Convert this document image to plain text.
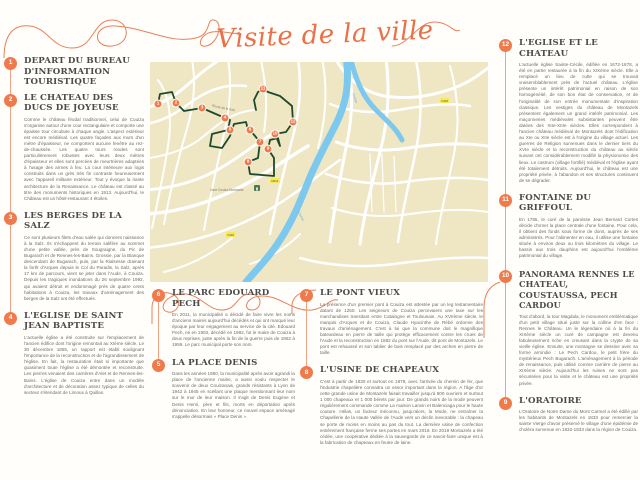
Visite de la ville
Gare Couiza-Montazels
Route de la Salz
Couiza
Couiza
D613
D118
D118
▮
1	2
3
4
5	6
7
8
9
10
11
12
1	DEPART DU BUREAU D'INFORMATION TOURISTIQUE
2	LE CHATEAU DES DUCS DE JOYEUSE

Comme le château féodal traditionnel, celui de Couiza s'organise autour d'une cour rectangulaire et comporte une épaisse tour circulaire à chaque angle. L'aspect extérieur est encore médiéval. Les quatre façades aux murs d'un mètre d'épaisseur, ne comportent aucune fenêtre au rez-de-chaussée. Les quatre tours rondes sont particulièrement robustes avec leurs deux mètres d'épaisseur et elles sont percées de meurtrières adaptées à l'usage des armes à feu. La cour intérieure aux logis construits dans un grès très fin contraste heureusement avec l'appareil militaire extérieur. Tout y évoque la riante architecture de la Renaissance. Le château est classé au titre des monuments historiques en 1913. Aujourd'hui, le Château est un hôtel-restaurant 4 étoiles.

3	LES BERGES DE LA SALZ

Ce sont plusieurs filets d'eau salée qui donnent naissance à la Salz. Ils s'échappent du terrain salifère au sommet d'une petite vallée, près de Sougraigne, du Pic de Bugarach et de Rennes-les-Bains. Grossie, par la Blanque descendant de Bugarach, puis, par la Rialsesse drainant la forêt d'Arques depuis le Col du Paradis, la Salz, après 17 km de parcours, vient se jeter dans l'Aude, à Couiza. Depuis les tragiques inondations du 26 septembre 1992, qui avaient détruit et endommagé près de quatre cents habitations à Couiza, les travaux d'aménagement des berges de la Salz ont été effectués.

4	L'EGLISE DE SAINT JEAN BAPTISTE

L'actuelle église a été construite sur l'emplacement de l'ancien édifice dont l'origine remontait au XIème siècle. Le 30 décembre 1855, un rapport est établi soulignant l'importance de la reconstruction et de l'agrandissement de l'église. En fait, la restauration était si importante que quasiment toute l'église a été démontée et reconstruite. Les pierres venaient des carrières d'Alet et de Rennes-les-Bains. L'église de Couiza entre dans un modèle d'architecture et de décoration assez typique de celles du secteur s'étendant de Limoux à Quillan.

6	LE PARC EDOUARD PECH

En 2011, la municipalité a décidé de faire vivre les noms d'anciens maires aujourd'hui décédés et qui ont marqué leur époque par leur engagement au service de la cité. Edouard Pech, né en 1903, décédé en 1992, fut le maire de Couiza à deux reprises, juste après la fin de la guerre puis de 1952 à 1959. Le parc municipal porte son nom.

5	LA PLACE DENIS

Dans les années 1960, la municipalité après avoir agrandi la place de l'ancienne mairie, a aussi voulu respecter le souvenir de deux Couizanais, grands résistants à Lyon de 1942 à 1945 en scellant une plaque mentionnant leur nom sur le mur de leur maison. Il s'agit de Denis Eugène et Denis Henri, père et fils, morts en déportation après dénonciation. En leur honneur, ce nouvel espace aménagé s'appelle désormais « Place Denis ».

7	LE PONT VIEUX

La présence d'un premier pont à Couiza est attestée par un leg testamentaire datant de 1250. Les seigneurs de Couiza percevaient une taxe sur les marchandises transitant entre Catalogne et Toulousain. Au XVIIème siècle, le marquis d'Arques et de Couiza, Claude Hyacinthe de Rébé ordonne des travaux d'aménagement. C'est à lui que la commune doit le magnifique bateardeau en pierre de taille qui protège efficacement contre les crues de l'Aude et la reconstruction en 1882 du pont sur l'Aude, dit pont de Montazels. Le pont est rehaussé et son tablier de bois remplacé par des arches en pierre de taille.

8	L'USINE DE CHAPEAUX

C'est à partir de 1830 et surtout en 1878, avec l'arrivée du chemin de fer, que l'industrie chapelière connaitra un essor important dans la région. A l'âge d'or cette grande usine de Montazels faisait travailler jusqu'à 600 ouvriers et surtout 1 000 chapeaux et 1 000 bérets par jour. De grands noirs de la mode peuvent régulièrement commande comme La maison Lanvin et Balenciaga pour le haute couture. Hélas, un facteur méconnu, jusqu'alors, la Mode, ne entraîner la Chapellerie de la Haute Vallée de l'Aude vers un déclin inexorable : la chapeau se porte de moins en moins au pas du tout. La dernière usine de confection entièrement française ferme ses portes en mars 2018. En 2019 Montazels a été cédée, une coopérative dédiée à la sauvegarde de ce savoir-faire unique est à la fabrication de chapeaux en feutre de laine.

12	L'EGLISE ET LE CHATEAU

L'actuelle église Sainte-Cécile, édifiée en 1672-1678, a été en partie restaurée à la fin du XIXème siècle. Elle a remplacé un lieu de culte qui se trouvait vraisemblablement près de l'actuel château. L'église présente un intérêt patrimonial en raison de son homogénéité, de son bon état de conservation, et de l'originalité de son entrée monumentale d'inspiration classique. Les vestiges du château de Montazels présentent également un grand intérêt patrimonial. Les maçonneries médiévales subsistantes peuvent être datées des XIIe-XIIIe siècles. Elles correspondent à l'ancien château médiéval de Montazels dont l'édification au XIe ou XIIe siècle est à l'origine du village actuel. Les guerres de Religion survenues dans le dernier tiers du XVIe siècle et la reconstruction du château au siècle suivant ont considérablement modifié la physionomie des lieux. Le castrum (village fortifié) médiéval et l'église ayant été totalement détruits. Aujourd'hui, le château est une propriété privée, à l'abandon et ses structures continuent de se dégrader.

11	FONTAINE DU GRIFFOUL

En 1785, le curé de la paroisse Jean Bernard Cortes décide d'orner la place centrale d'une fontaine. Pour cela, il obtient des fonds sous forme de dons, auprès de ses administrés. Pour l'alimenter en eau, il utilise une fontaine située à environ deux ou trois kilomètres du village. Le bassin aux trois dauphins est aujourd'hui l'emblème patrimonial du village.

10	PANORAMA RENNES LE CHATEAU, COUSTAUSSA, PECH CARDOU

Tout d'abord, la tour Magdala, le monument emblématique d'un petit village situé juste sur la colline d'en face : Rennes le Château. Un le légendaire où à la fin du XIXème siècle un curé de campagne est devenu fabuleusement riche en creusant dans la crypte de sa vieille église. Ensuite, une montagne se dessine avec sa forme arrondie : Le Pech Cardou, le petit frère du mystérieux Pech Bugarach. L'aménagement à la période de renaissance, puis utilisé comme carrière de pierre au XIXème siècle. Aujourd'hui les ruines ne sont pas sécurisées pour la visite et le château est une propriété privée.

9	L'ORATOIRE

L'Oratoire de Notre Dame du Mont Carmel a été édifié par les habitants de Montazels en 1833 pour remercier la sainte Vierge d'avoir préservé le village d'une épidémie de choléra survenue en 1832-1833 dans la région de Couiza.
